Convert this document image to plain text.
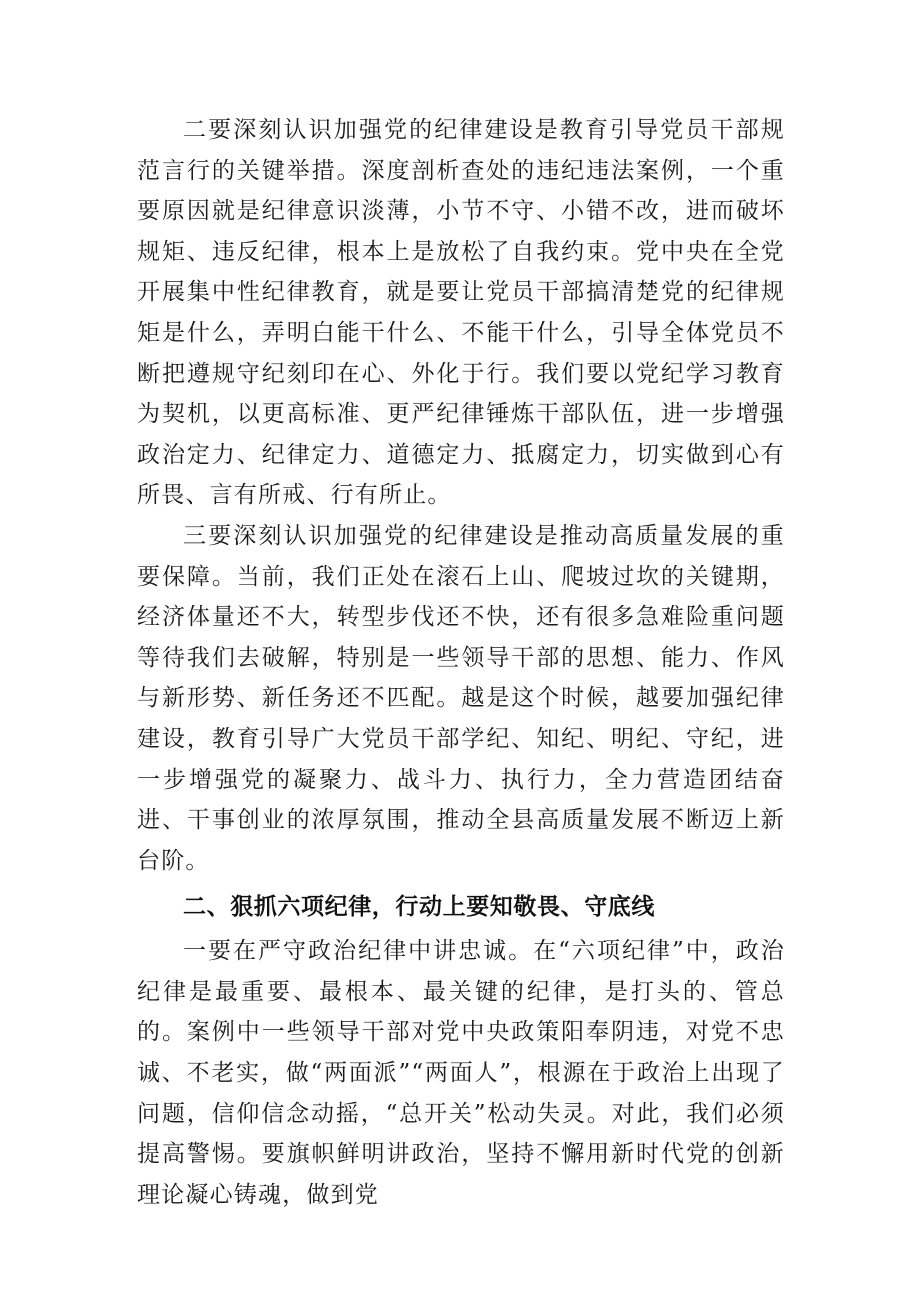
二要深刻认识加强党的纪律建设是教育引导党员干部规范言行的关键举措。深度剖析查处的违纪违法案例，一个重要原因就是纪律意识淡薄，小节不守、小错不改，进而破坏规矩、违反纪律，根本上是放松了自我约束。党中央在全党开展集中性纪律教育，就是要让党员干部搞清楚党的纪律规矩是什么，弄明白能干什么、不能干什么，引导全体党员不断把遵规守纪刻印在心、外化于行。我们要以党纪学习教育为契机，以更高标准、更严纪律锤炼干部队伍，进一步增强政治定力、纪律定力、道德定力、抵腐定力，切实做到心有所畏、言有所戒、行有所止。

三要深刻认识加强党的纪律建设是推动高质量发展的重要保障。当前，我们正处在滚石上山、爬坡过坎的关键期，经济体量还不大，转型步伐还不快，还有很多急难险重问题等待我们去破解，特别是一些领导干部的思想、能力、作风与新形势、新任务还不匹配。越是这个时候，越要加强纪律建设，教育引导广大党员干部学纪、知纪、明纪、守纪，进一步增强党的凝聚力、战斗力、执行力，全力营造团结奋进、干事创业的浓厚氛围，推动全县高质量发展不断迈上新台阶。

二、狠抓六项纪律，行动上要知敬畏、守底线

一要在严守政治纪律中讲忠诚。在“六项纪律”中，政治纪律是最重要、最根本、最关键的纪律，是打头的、管总的。案例中一些领导干部对党中央政策阳奉阴违，对党不忠诚、不老实，做“两面派”“两面人”，根源在于政治上出现了问题，信仰信念动摇，“总开关”松动失灵。对此，我们必须提高警惕。要旗帜鲜明讲政治，坚持不懈用新时代党的创新理论凝心铸魂，做到党
